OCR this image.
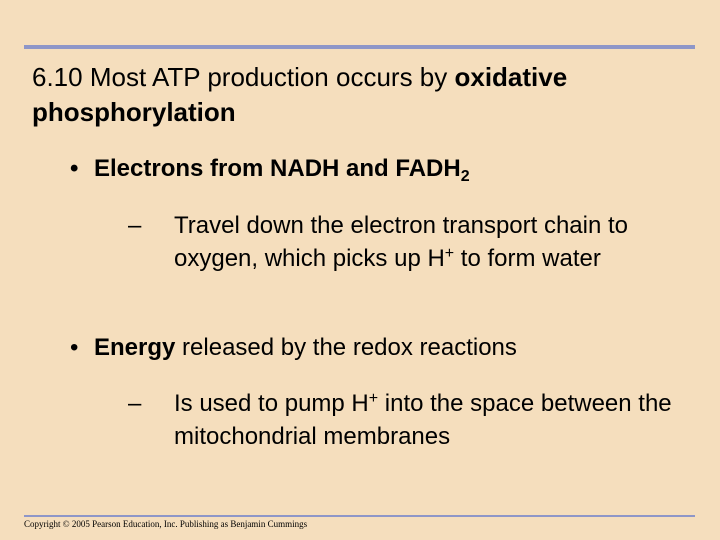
6.10 Most ATP production occurs by oxidative phosphorylation
• Electrons from NADH and $FADH_2$
– Travel down the electron transport chain to oxygen, which picks up H+ to form water
• Energy released by the redox reactions
– Is used to pump H+ into the space between the mitochondrial membranes
Copyright © 2005 Pearson Education, Inc. Publishing as Benjamin Cummings
